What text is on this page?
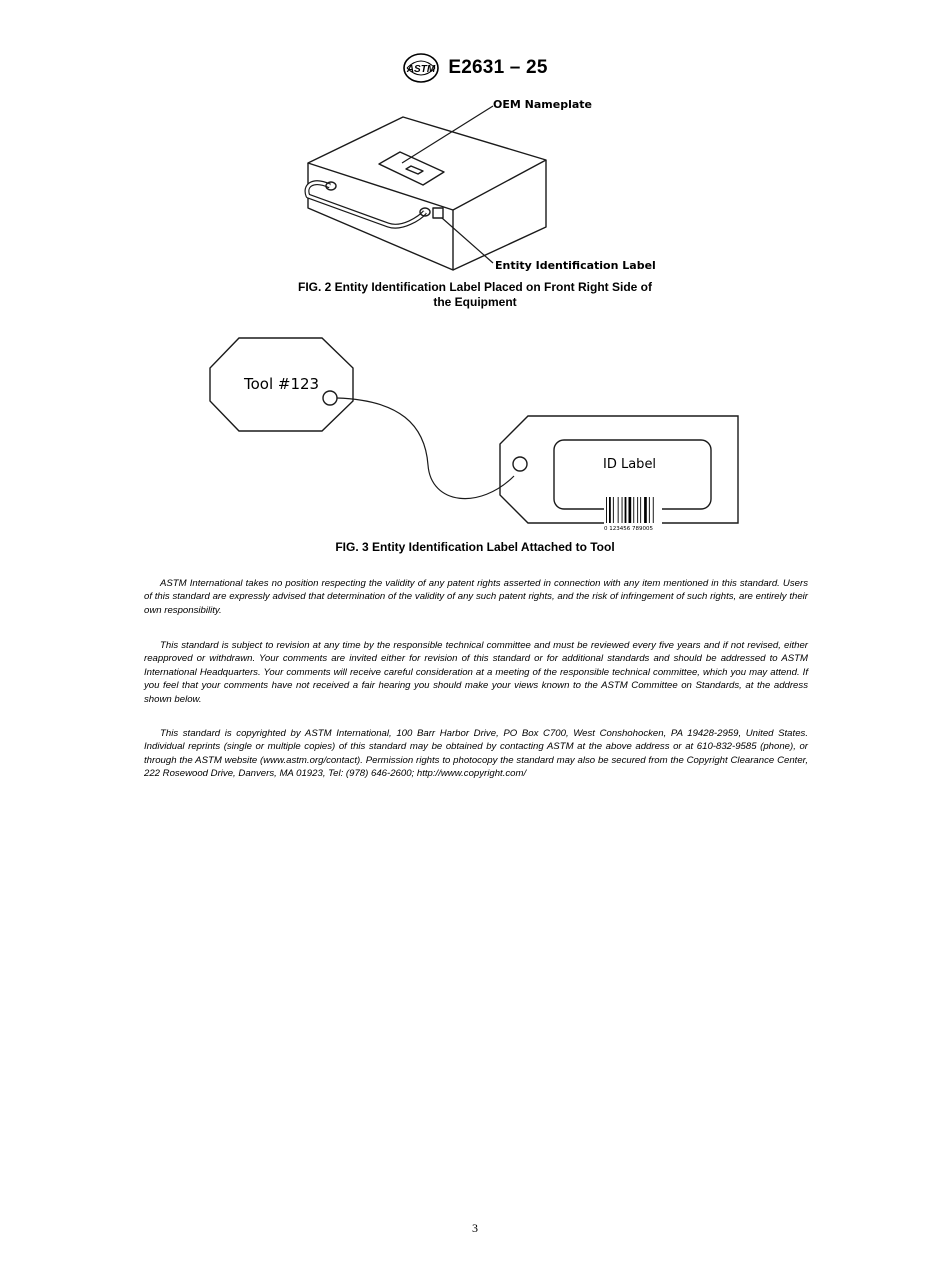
ASTM E2631 – 25
OEM Nameplate
Entity Identification Label
FIG. 2 Entity Identification Label Placed on Front Right Side of
the Equipment
Tool #123
ID Label
0 123456 789005
FIG. 3 Entity Identification Label Attached to Tool

ASTM International takes no position respecting the validity of any patent rights asserted in connection with any item mentioned in this standard. Users of this standard are expressly advised that determination of the validity of any such patent rights, and the risk of infringement of such rights, are entirely their own responsibility.

This standard is subject to revision at any time by the responsible technical committee and must be reviewed every five years and if not revised, either reapproved or withdrawn. Your comments are invited either for revision of this standard or for additional standards and should be addressed to ASTM International Headquarters. Your comments will receive careful consideration at a meeting of the responsible technical committee, which you may attend. If you feel that your comments have not received a fair hearing you should make your views known to the ASTM Committee on Standards, at the address shown below.

This standard is copyrighted by ASTM International, 100 Barr Harbor Drive, PO Box C700, West Conshohocken, PA 19428-2959, United States. Individual reprints (single or multiple copies) of this standard may be obtained by contacting ASTM at the above address or at 610-832-9585 (phone), or through the ASTM website (www.astm.org/contact). Permission rights to photocopy the standard may also be secured from the Copyright Clearance Center, 222 Rosewood Drive, Danvers, MA 01923, Tel: (978) 646-2600; http://www.copyright.com/

3
